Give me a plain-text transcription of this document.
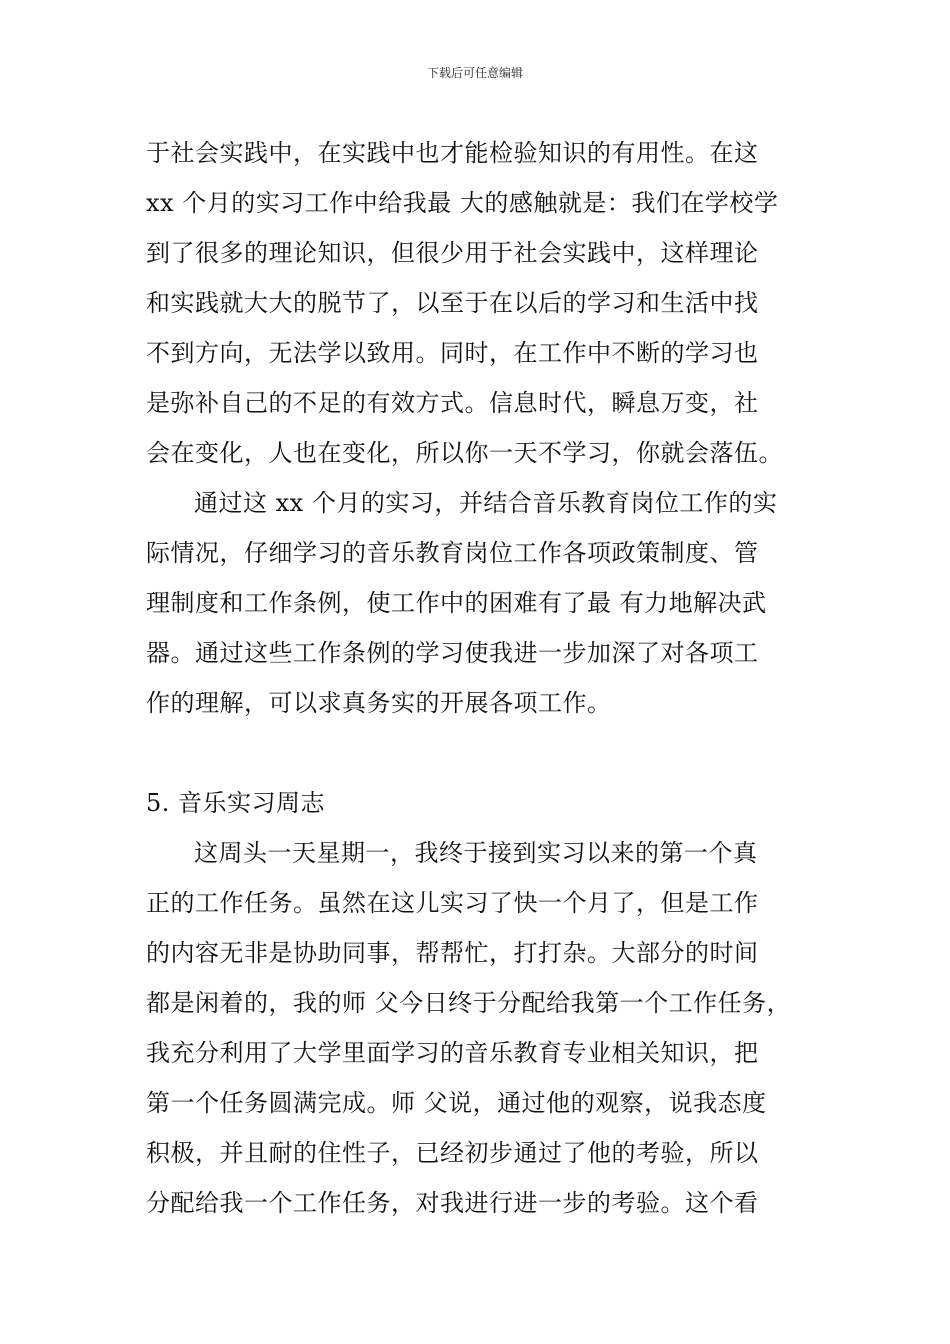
下载后可任意编辑
于社会实践中，在实践中也才能检验知识的有用性。在这
xx 个月的实习工作中给我最 大的感触就是：我们在学校学
到了很多的理论知识，但很少用于社会实践中，这样理论
和实践就大大的脱节了，以至于在以后的学习和生活中找
不到方向，无法学以致用。同时，在工作中不断的学习也
是弥补自己的不足的有效方式。信息时代，瞬息万变，社
会在变化，人也在变化，所以你一天不学习，你就会落伍。
通过这 xx 个月的实习，并结合音乐教育岗位工作的实
际情况，仔细学习的音乐教育岗位工作各项政策制度、管
理制度和工作条例，使工作中的困难有了最 有力地解决武
器。通过这些工作条例的学习使我进一步加深了对各项工
作的理解，可以求真务实的开展各项工作。
5. 音乐实习周志
这周头一天星期一，我终于接到实习以来的第一个真
正的工作任务。虽然在这儿实习了快一个月了，但是工作
的内容无非是协助同事，帮帮忙，打打杂。大部分的时间
都是闲着的，我的师 父今日终于分配给我第一个工作任务，
我充分利用了大学里面学习的音乐教育专业相关知识，把
第一个任务圆满完成。师 父说，通过他的观察，说我态度
积极，并且耐的住性子，已经初步通过了他的考验，所以
分配给我一个工作任务，对我进行进一步的考验。这个看
